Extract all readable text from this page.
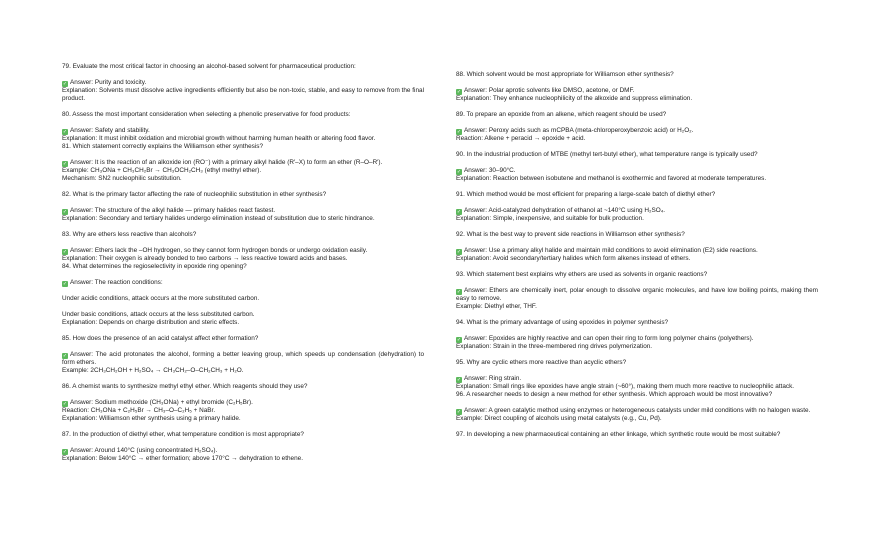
79. Evaluate the most critical factor in choosing an alcohol-based solvent for pharmaceutical production:

✓ Answer: Purity and toxicity.

Explanation: Solvents must dissolve active ingredients efficiently but also be non-toxic, stable, and easy to remove from the final product.

80. Assess the most important consideration when selecting a phenolic preservative for food products:

✓ Answer: Safety and stability.

Explanation: It must inhibit oxidation and microbial growth without harming human health or altering food flavor.

81. Which statement correctly explains the Williamson ether synthesis?

✓ Answer: It is the reaction of an alkoxide ion (RO⁻) with a primary alkyl halide (R′–X) to form an ether (R–O–R′).

Example: CH₃ONa + CH₃CH₂Br → CH₃OCH₂CH₃ (ethyl methyl ether).

Mechanism: SN2 nucleophilic substitution.

82. What is the primary factor affecting the rate of nucleophilic substitution in ether synthesis?

✓ Answer: The structure of the alkyl halide — primary halides react fastest.

Explanation: Secondary and tertiary halides undergo elimination instead of substitution due to steric hindrance.

83. Why are ethers less reactive than alcohols?

✓ Answer: Ethers lack the –OH hydrogen, so they cannot form hydrogen bonds or undergo oxidation easily.

Explanation: Their oxygen is already bonded to two carbons → less reactive toward acids and bases.

84. What determines the regioselectivity in epoxide ring opening?

✓ Answer: The reaction conditions:

Under acidic conditions, attack occurs at the more substituted carbon.

Under basic conditions, attack occurs at the less substituted carbon.

Explanation: Depends on charge distribution and steric effects.

85. How does the presence of an acid catalyst affect ether formation?

✓ Answer: The acid protonates the alcohol, forming a better leaving group, which speeds up condensation (dehydration) to form ethers.

Example: 2CH₃CH₂OH + H₂SO₄ → CH₃CH₂–O–CH₂CH₃ + H₂O.

86. A chemist wants to synthesize methyl ethyl ether. Which reagents should they use?

✓ Answer: Sodium methoxide (CH₃ONa) + ethyl bromide (C₂H₅Br).

Reaction: CH₃ONa + C₂H₅Br → CH₃–O–C₂H₅ + NaBr.

Explanation: Williamson ether synthesis using a primary halide.

87. In the production of diethyl ether, what temperature condition is most appropriate?

✓ Answer: Around 140°C (using concentrated H₂SO₄).

Explanation: Below 140°C → ether formation; above 170°C → dehydration to ethene.

88. Which solvent would be most appropriate for Williamson ether synthesis?

✓ Answer: Polar aprotic solvents like DMSO, acetone, or DMF.

Explanation: They enhance nucleophilicity of the alkoxide and suppress elimination.

89. To prepare an epoxide from an alkene, which reagent should be used?

✓ Answer: Peroxy acids such as mCPBA (meta-chloroperoxybenzoic acid) or H₂O₂.

Reaction: Alkene + peracid → epoxide + acid.

90. In the industrial production of MTBE (methyl tert-butyl ether), what temperature range is typically used?

✓ Answer: 30–90°C.

Explanation: Reaction between isobutene and methanol is exothermic and favored at moderate temperatures.

91. Which method would be most efficient for preparing a large-scale batch of diethyl ether?

✓ Answer: Acid-catalyzed dehydration of ethanol at ~140°C using H₂SO₄.

Explanation: Simple, inexpensive, and suitable for bulk production.

92. What is the best way to prevent side reactions in Williamson ether synthesis?

✓ Answer: Use a primary alkyl halide and maintain mild conditions to avoid elimination (E2) side reactions.

Explanation: Avoid secondary/tertiary halides which form alkenes instead of ethers.

93. Which statement best explains why ethers are used as solvents in organic reactions?

✓ Answer: Ethers are chemically inert, polar enough to dissolve organic molecules, and have low boiling points, making them easy to remove.

Example: Diethyl ether, THF.

94. What is the primary advantage of using epoxides in polymer synthesis?

✓ Answer: Epoxides are highly reactive and can open their ring to form long polymer chains (polyethers).

Explanation: Strain in the three-membered ring drives polymerization.

95. Why are cyclic ethers more reactive than acyclic ethers?

✓ Answer: Ring strain.

Explanation: Small rings like epoxides have angle strain (~60°), making them much more reactive to nucleophilic attack.

96. A researcher needs to design a new method for ether synthesis. Which approach would be most innovative?

✓ Answer: A green catalytic method using enzymes or heterogeneous catalysts under mild conditions with no halogen waste.

Example: Direct coupling of alcohols using metal catalysts (e.g., Cu, Pd).

97. In developing a new pharmaceutical containing an ether linkage, which synthetic route would be most suitable?
